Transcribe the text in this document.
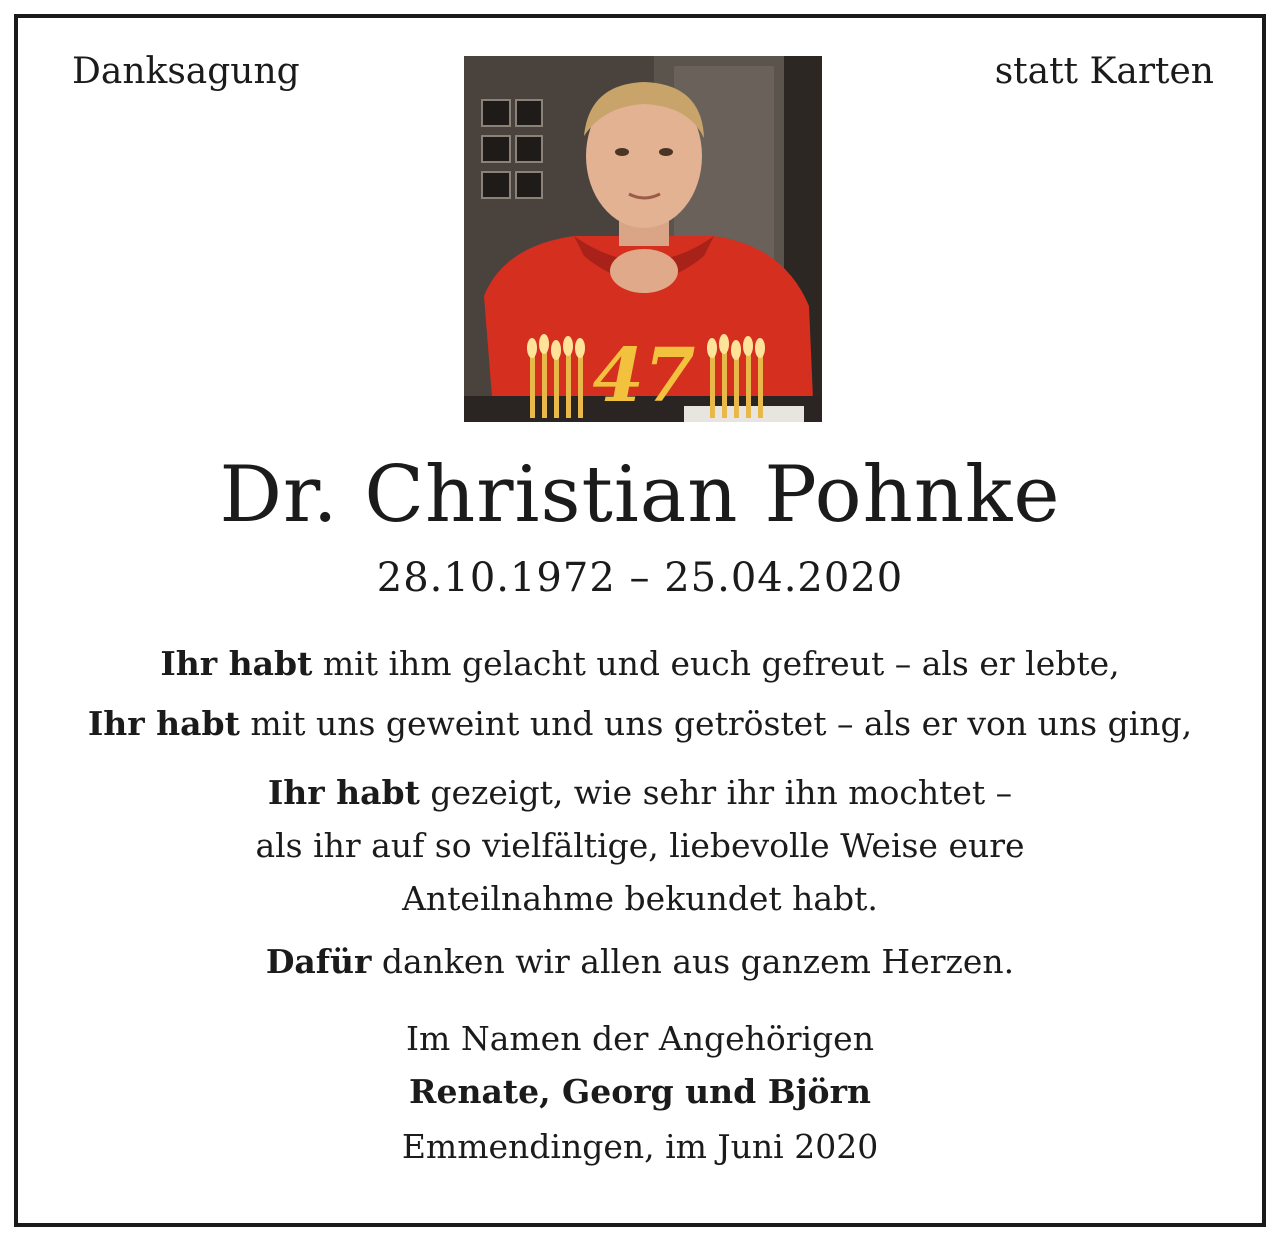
Danksagung	statt Karten
47
Dr. Christian Pohnke
28.10.1972 – 25.04.2020

Ihr habt mit ihm gelacht und euch gefreut – als er lebte,

Ihr habt mit uns geweint und uns getröstet – als er von uns ging,

Ihr habt gezeigt, wie sehr ihr ihn mochtet –

als ihr auf so vielfältige, liebevolle Weise eure

Anteilnahme bekundet habt.

Dafür danken wir allen aus ganzem Herzen.

Im Namen der Angehörigen

Renate, Georg und Björn

Emmendingen, im Juni 2020
